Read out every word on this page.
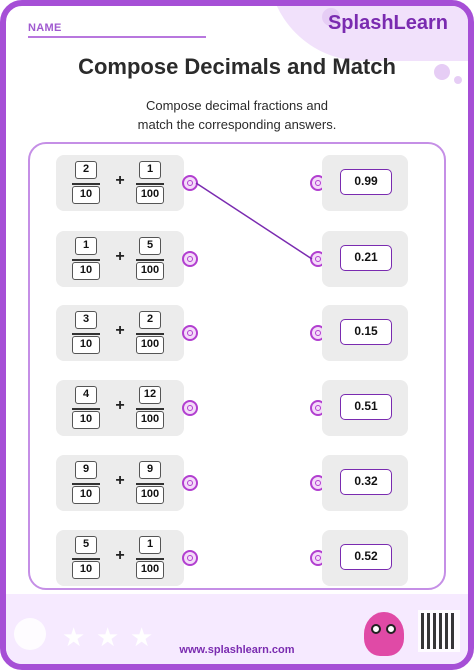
SplashLearn
NAME
Compose Decimals and Match
Compose decimal fractions and
match the corresponding answers.
$\frac{2}{10} + \frac{1}{100}$	0.99
$\frac{1}{10} + \frac{5}{100}$	0.21
$\frac{3}{10} + \frac{2}{100}$	0.15
$\frac{4}{10} + \frac{12}{100}$	0.51
$\frac{9}{10} + \frac{9}{100}$	0.32
$\frac{5}{10} + \frac{1}{100}$	0.52
★ ★ ★	www.splashlearn.com
